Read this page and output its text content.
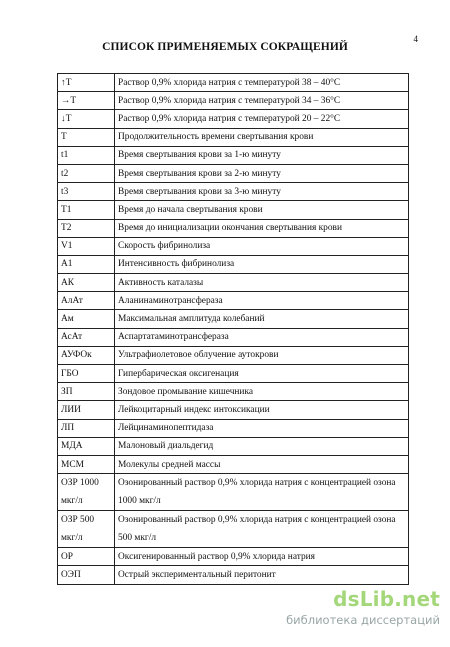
4
СПИСОК ПРИМЕНЯЕМЫХ СОКРАЩЕНИЙ
↑Т	Раствор 0,9% хлорида натрия с температурой 38 – 40°С
→Т	Раствор 0,9% хлорида натрия с температурой 34 – 36°С
↓Т	Раствор 0,9% хлорида натрия с температурой 20 – 22°С
Т	Продолжительность времени свертывания крови
t1	Время свертывания крови за 1-ю минуту
t2	Время свертывания крови за 2-ю минуту
t3	Время свертывания крови за 3-ю минуту
Т1	Время до начала свертывания крови
Т2	Время до инициализации окончания свертывания крови
V1	Скорость фибринолиза
А1	Интенсивность фибринолиза
АК	Активность каталазы
АлАт	Аланинаминотрансфераза
Ам	Максимальная амплитуда колебаний
АсАт	Аспартатаминотрансфераза
АУФОк	Ультрафиолетовое облучение аутокрови
ГБО	Гипербарическая оксигенация
ЗП	Зондовое промывание кишечника
ЛИИ	Лейкоцитарный индекс интоксикации
ЛП	Лейцинаминопептидаза
МДА	Малоновый диальдегид
МСМ	Молекулы средней массы
ОЗР 1000 мкг/л	Озонированный раствор 0,9% хлорида натрия с концентрацией озона 1000 мкг/л
ОЗР 500 мкг/л	Озонированный раствор 0,9% хлорида натрия с концентрацией озона 500 мкг/л
ОР	Оксигенированный раствор 0,9% хлорида натрия
ОЭП	Острый экспериментальный перитонит
dsLib.net
библиотека диссертаций
